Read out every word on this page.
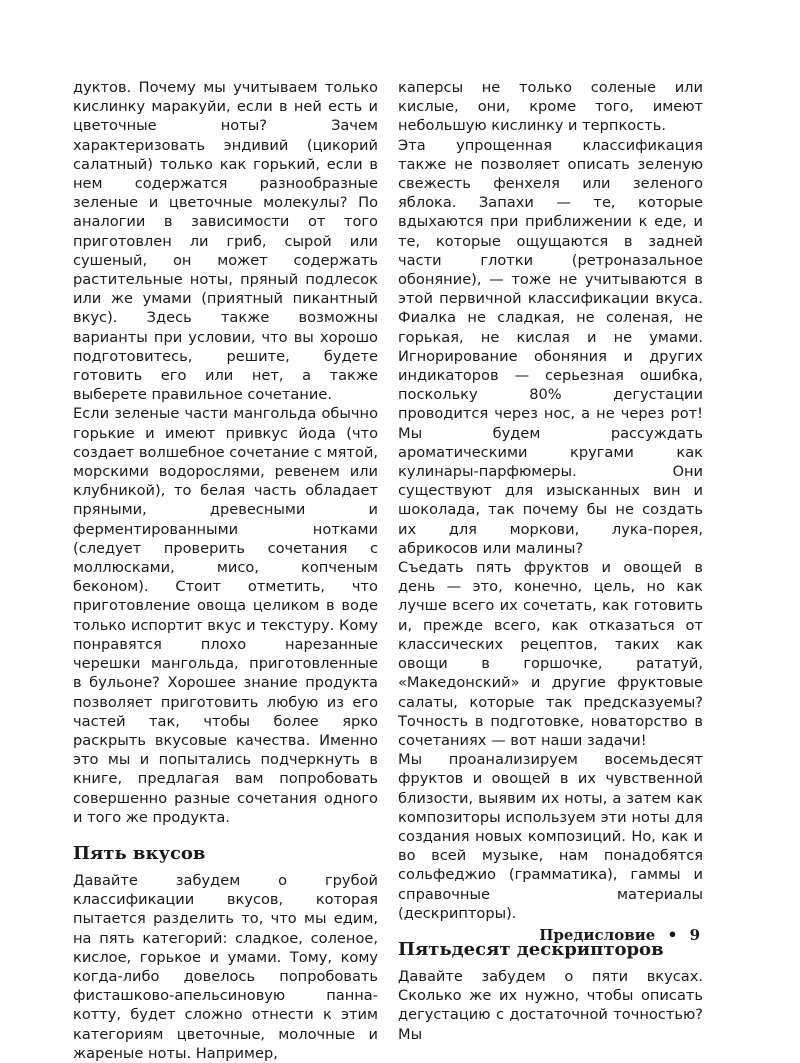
дуктов. Почему мы учитываем только кислинку маракуйи, если в ней есть и цветочные ноты? Зачем характеризовать эндивий (цикорий салатный) только как горький, если в нем содержатся разнообразные зеленые и цветочные молекулы? По аналогии в зависимости от того приготовлен ли гриб, сырой или сушеный, он может содержать растительные ноты, пряный подлесок или же умами (приятный пикантный вкус). Здесь также возможны варианты при условии, что вы хорошо подготовитесь, решите, будете готовить его или нет, а также выберете правильное сочетание.

Если зеленые части мангольда обычно горькие и имеют привкус йода (что создает волшебное сочетание с мятой, морскими водорослями, ревенем или клубникой), то белая часть обладает пряными, древесными и ферментированными нотками (следует проверить сочетания с моллюсками, мисо, копченым беконом). Стоит отметить, что приготовление овоща целиком в воде только испортит вкус и текстуру. Кому понравятся плохо нарезанные черешки мангольда, приготовленные в бульоне? Хорошее знание продукта позволяет приготовить любую из его частей так, чтобы более ярко раскрыть вкусовые качества. Именно это мы и попытались подчеркнуть в книге, предлагая вам попробовать совершенно разные сочетания одного и того же продукта.

Пять вкусов

Давайте забудем о грубой классификации вкусов, которая пытается разделить то, что мы едим, на пять категорий: сладкое, соленое, кислое, горькое и умами. Тому, кому когда-либо довелось попробовать фисташково-апельсиновую панна-котту, будет сложно отнести к этим категориям цветочные, молочные и жареные ноты. Например,

каперсы не только соленые или кислые, они, кроме того, имеют небольшую кислинку и терпкость.

Эта упрощенная классификация также не позволяет описать зеленую свежесть фенхеля или зеленого яблока. Запахи — те, которые вдыхаются при приближении к еде, и те, которые ощущаются в задней части глотки (ретроназальное обоняние), — тоже не учитываются в этой первичной классификации вкуса. Фиалка не сладкая, не соленая, не горькая, не кислая и не умами. Игнорирование обоняния и других индикаторов — серьезная ошибка, поскольку 80% дегустации проводится через нос, а не через рот! Мы будем рассуждать ароматическими кругами как кулинары-парфюмеры. Они существуют для изысканных вин и шоколада, так почему бы не создать их для моркови, лука-порея, абрикосов или малины?

Съедать пять фруктов и овощей в день — это, конечно, цель, но как лучше всего их сочетать, как готовить и, прежде всего, как отказаться от классических рецептов, таких как овощи в горшочке, рататуй, «Македонский» и другие фруктовые салаты, которые так предсказуемы? Точность в подготовке, новаторство в сочетаниях — вот наши задачи!

Мы проанализируем восемьдесят фруктов и овощей в их чувственной близости, выявим их ноты, а затем как композиторы используем эти ноты для создания новых композиций. Но, как и во всей музыке, нам понадобятся сольфеджио (грамматика), гаммы и справочные материалы (дескрипторы).

Пятьдесят дескрипторов

Давайте забудем о пяти вкусах. Сколько же их нужно, чтобы описать дегустацию с достаточной точностью? Мы

Предисловие • 9
